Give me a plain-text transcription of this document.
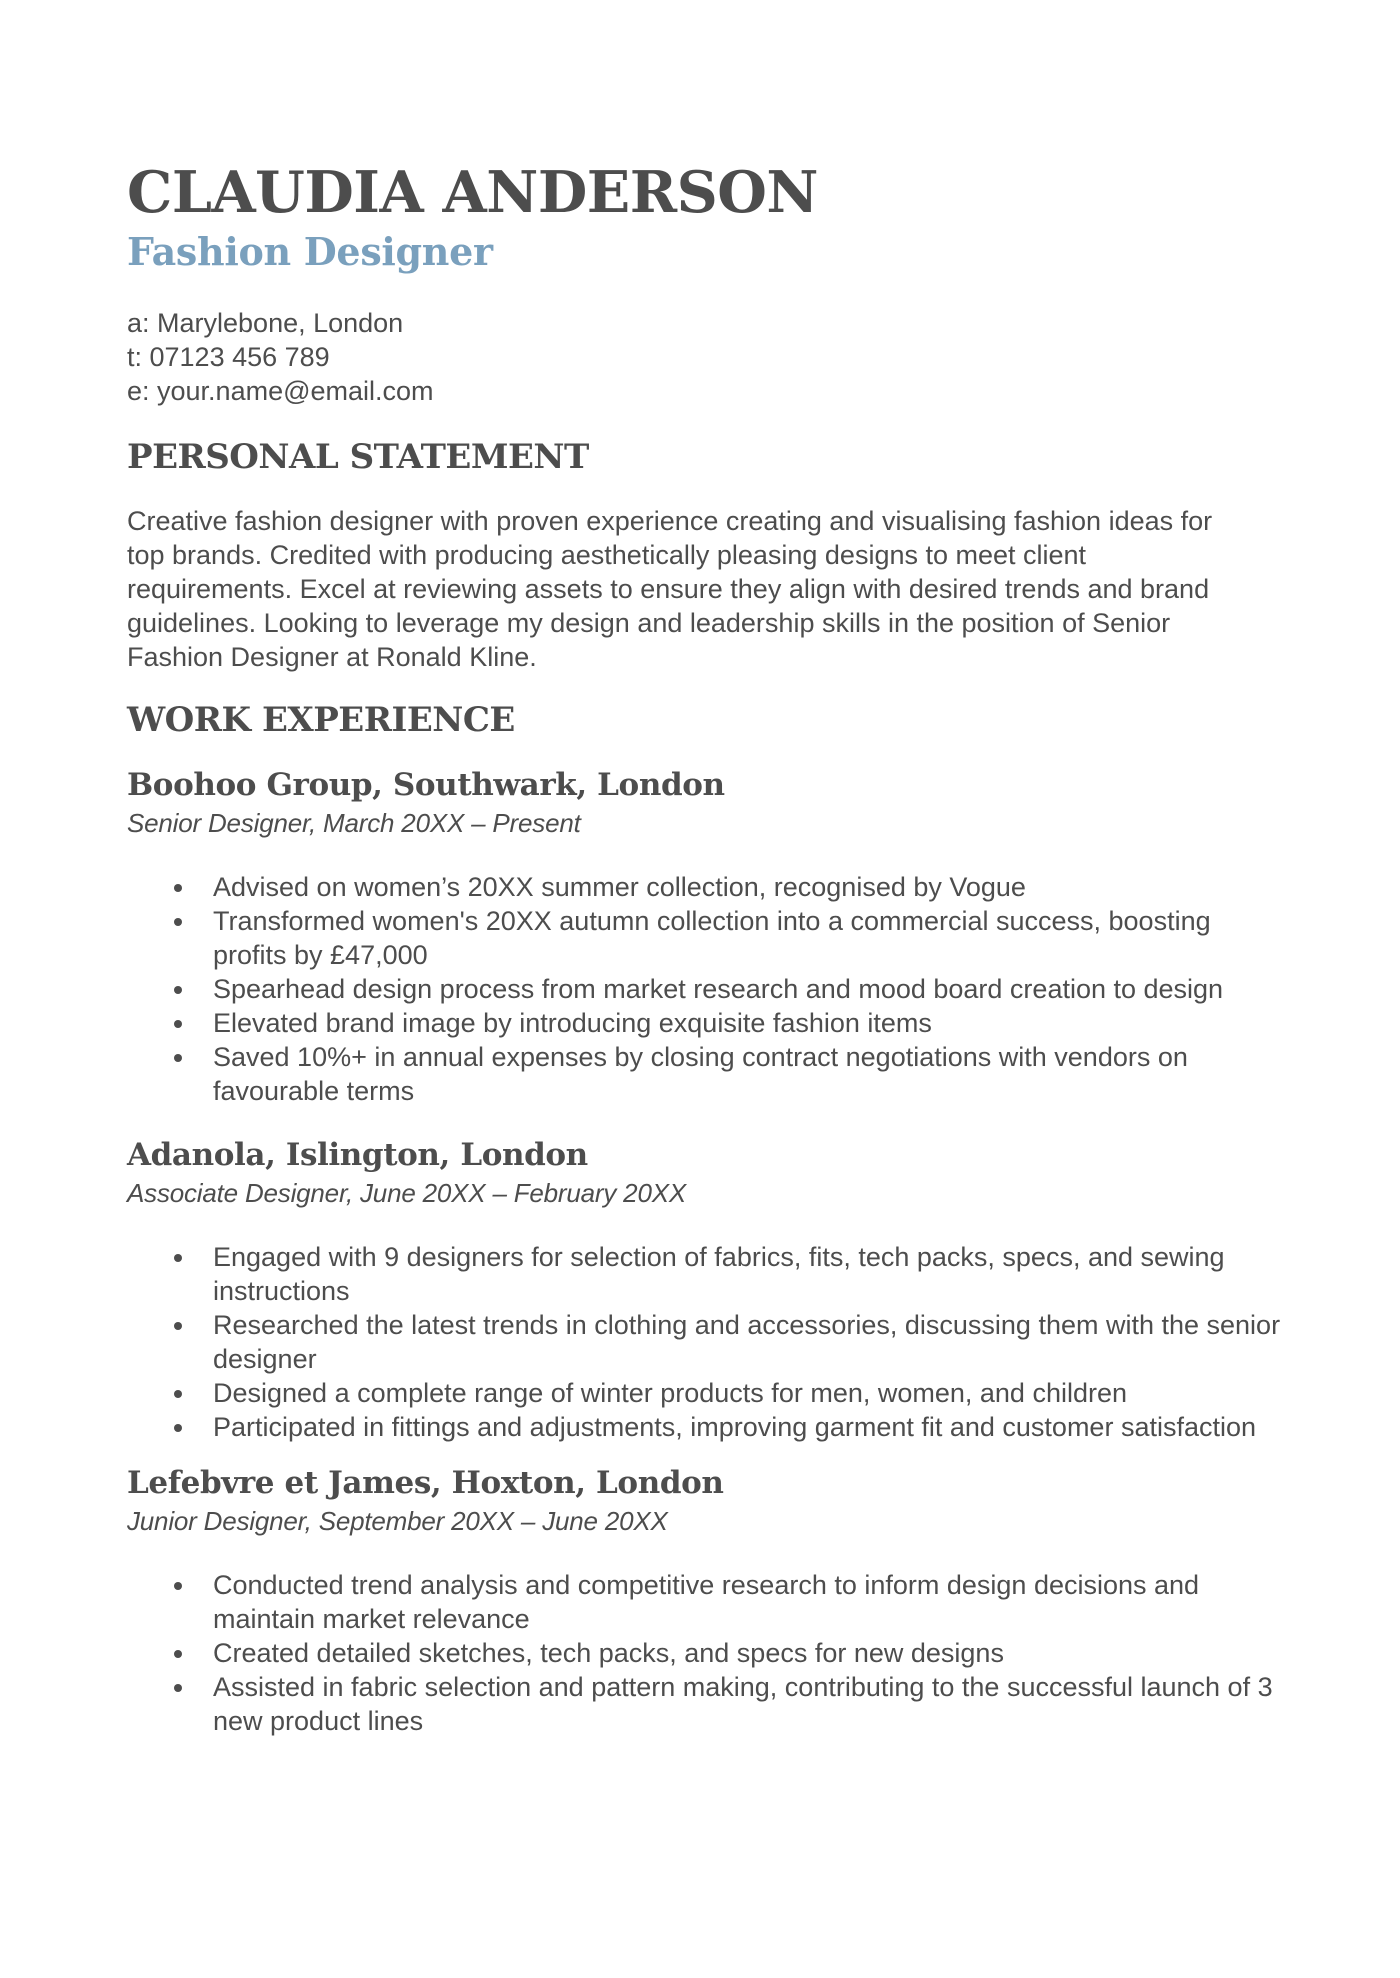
CLAUDIA ANDERSON
Fashion Designer
a: Marylebone, London
t: 07123 456 789
e: your.name@email.com
PERSONAL STATEMENT
Creative fashion designer with proven experience creating and visualising fashion ideas for top brands. Credited with producing aesthetically pleasing designs to meet client requirements. Excel at reviewing assets to ensure they align with desired trends and brand guidelines. Looking to leverage my design and leadership skills in the position of Senior Fashion Designer at Ronald Kline.
WORK EXPERIENCE
Boohoo Group, Southwark, London
Senior Designer, March 20XX – Present
Advised on women’s 20XX summer collection, recognised by Vogue
Transformed women's 20XX autumn collection into a commercial success, boosting profits by £47,000
Spearhead design process from market research and mood board creation to design
Elevated brand image by introducing exquisite fashion items
Saved 10%+ in annual expenses by closing contract negotiations with vendors on favourable terms
Adanola, Islington, London
Associate Designer, June 20XX – February 20XX
Engaged with 9 designers for selection of fabrics, fits, tech packs, specs, and sewing instructions
Researched the latest trends in clothing and accessories, discussing them with the senior designer
Designed a complete range of winter products for men, women, and children
Participated in fittings and adjustments, improving garment fit and customer satisfaction
Lefebvre et James, Hoxton, London
Junior Designer, September 20XX – June 20XX
Conducted trend analysis and competitive research to inform design decisions and maintain market relevance
Created detailed sketches, tech packs, and specs for new designs
Assisted in fabric selection and pattern making, contributing to the successful launch of 3 new product lines
